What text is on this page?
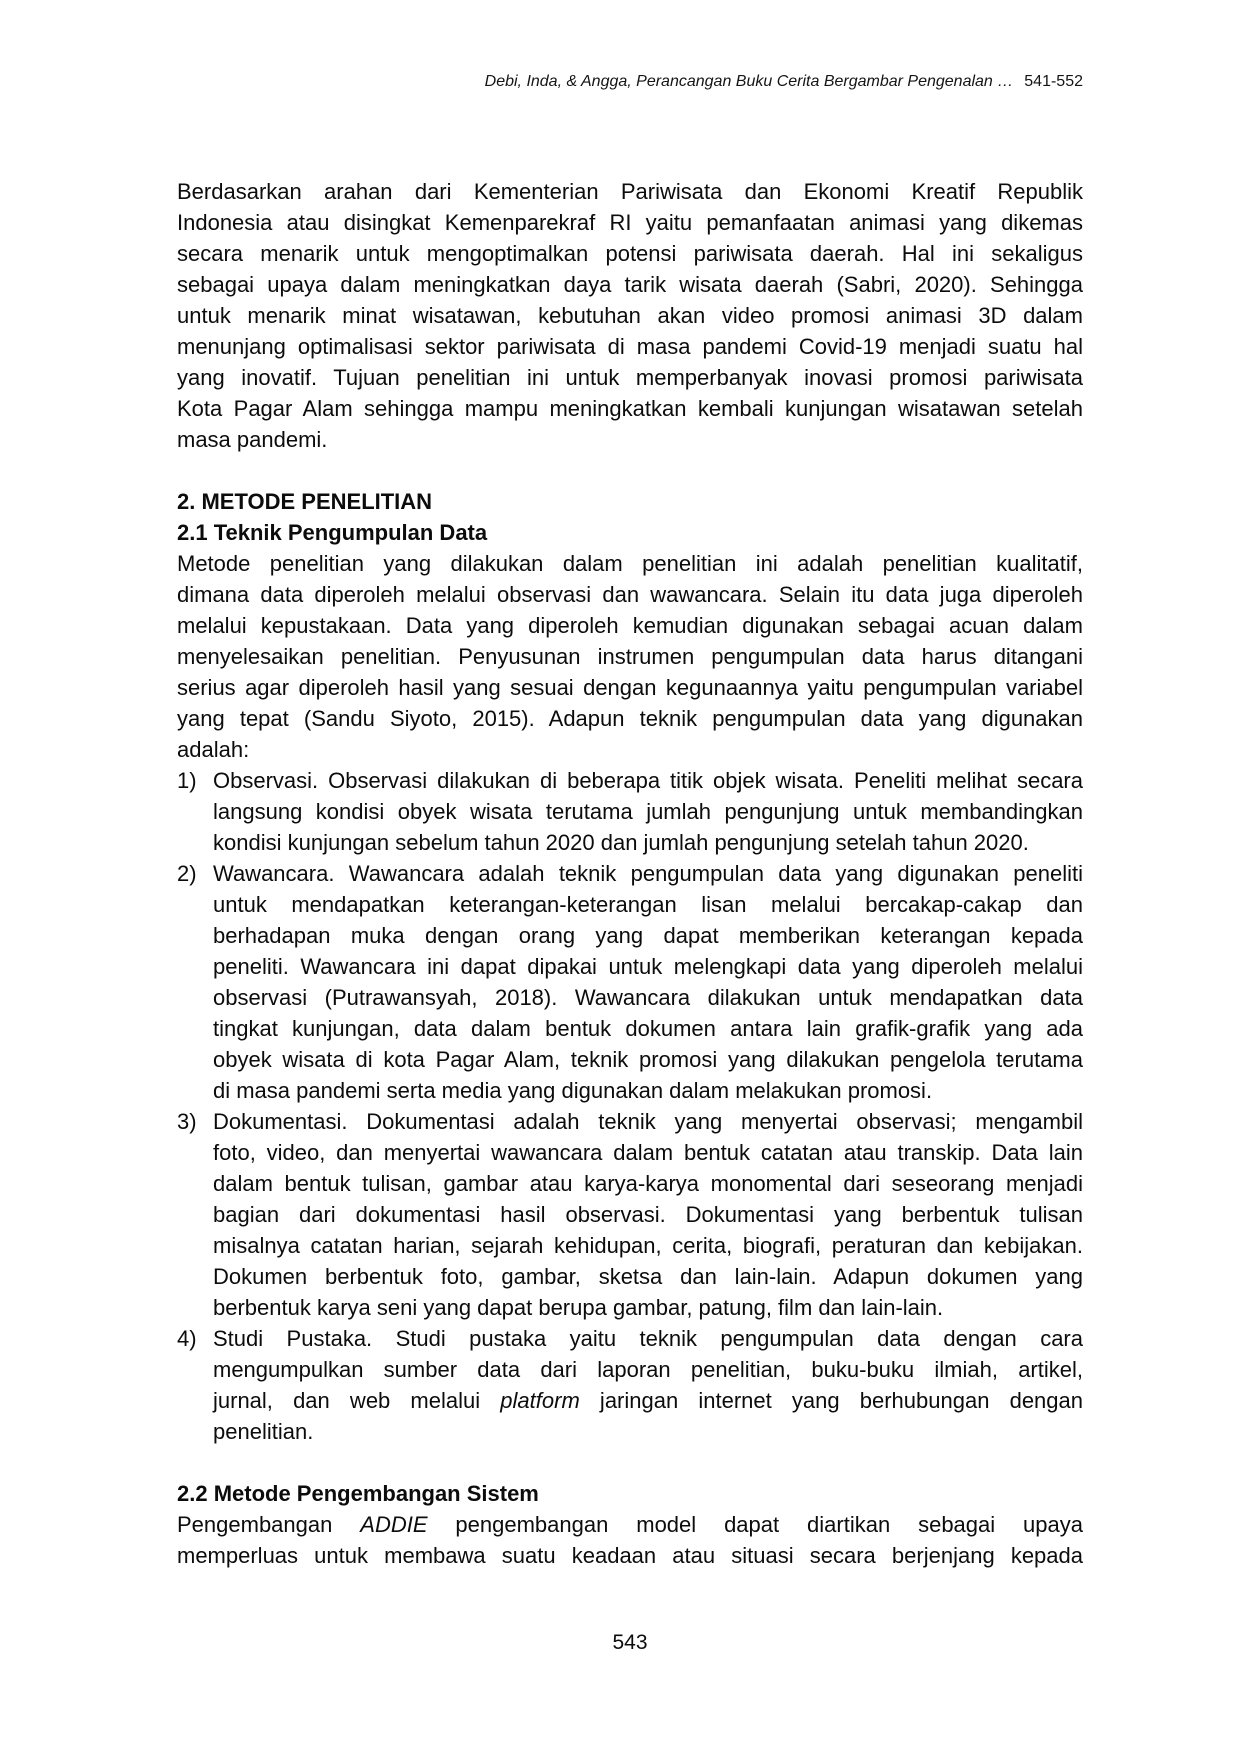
Debi, Inda, & Angga, Perancangan Buku Cerita Bergambar Pengenalan … 541-552
Berdasarkan arahan dari Kementerian Pariwisata dan Ekonomi Kreatif Republik
Indonesia atau disingkat Kemenparekraf RI yaitu pemanfaatan animasi yang dikemas
secara menarik untuk mengoptimalkan potensi pariwisata daerah. Hal ini sekaligus
sebagai upaya dalam meningkatkan daya tarik wisata daerah (Sabri, 2020). Sehingga
untuk menarik minat wisatawan, kebutuhan akan video promosi animasi 3D dalam
menunjang optimalisasi sektor pariwisata di masa pandemi Covid-19 menjadi suatu hal
yang inovatif. Tujuan penelitian ini untuk memperbanyak inovasi promosi pariwisata
Kota Pagar Alam sehingga mampu meningkatkan kembali kunjungan wisatawan setelah
masa pandemi.
2. METODE PENELITIAN
2.1 Teknik Pengumpulan Data
Metode penelitian yang dilakukan dalam penelitian ini adalah penelitian kualitatif,
dimana data diperoleh melalui observasi dan wawancara. Selain itu data juga diperoleh
melalui kepustakaan. Data yang diperoleh kemudian digunakan sebagai acuan dalam
menyelesaikan penelitian. Penyusunan instrumen pengumpulan data harus ditangani
serius agar diperoleh hasil yang sesuai dengan kegunaannya yaitu pengumpulan variabel
yang tepat (Sandu Siyoto, 2015). Adapun teknik pengumpulan data yang digunakan
adalah:
1) Observasi. Observasi dilakukan di beberapa titik objek wisata. Peneliti melihat secara
langsung kondisi obyek wisata terutama jumlah pengunjung untuk membandingkan
kondisi kunjungan sebelum tahun 2020 dan jumlah pengunjung setelah tahun 2020.
2) Wawancara. Wawancara adalah teknik pengumpulan data yang digunakan peneliti
untuk mendapatkan keterangan-keterangan lisan melalui bercakap-cakap dan
berhadapan muka dengan orang yang dapat memberikan keterangan kepada
peneliti. Wawancara ini dapat dipakai untuk melengkapi data yang diperoleh melalui
observasi (Putrawansyah, 2018). Wawancara dilakukan untuk mendapatkan data
tingkat kunjungan, data dalam bentuk dokumen antara lain grafik-grafik yang ada
obyek wisata di kota Pagar Alam, teknik promosi yang dilakukan pengelola terutama
di masa pandemi serta media yang digunakan dalam melakukan promosi.
3) Dokumentasi. Dokumentasi adalah teknik yang menyertai observasi; mengambil
foto, video, dan menyertai wawancara dalam bentuk catatan atau transkip. Data lain
dalam bentuk tulisan, gambar atau karya-karya monomental dari seseorang menjadi
bagian dari dokumentasi hasil observasi. Dokumentasi yang berbentuk tulisan
misalnya catatan harian, sejarah kehidupan, cerita, biografi, peraturan dan kebijakan.
Dokumen berbentuk foto, gambar, sketsa dan lain-lain. Adapun dokumen yang
berbentuk karya seni yang dapat berupa gambar, patung, film dan lain-lain.
4) Studi Pustaka. Studi pustaka yaitu teknik pengumpulan data dengan cara
mengumpulkan sumber data dari laporan penelitian, buku-buku ilmiah, artikel,
jurnal, dan web melalui platform jaringan internet yang berhubungan dengan
penelitian.
2.2 Metode Pengembangan Sistem
Pengembangan ADDIE pengembangan model dapat diartikan sebagai upaya
memperluas untuk membawa suatu keadaan atau situasi secara berjenjang kepada
543
